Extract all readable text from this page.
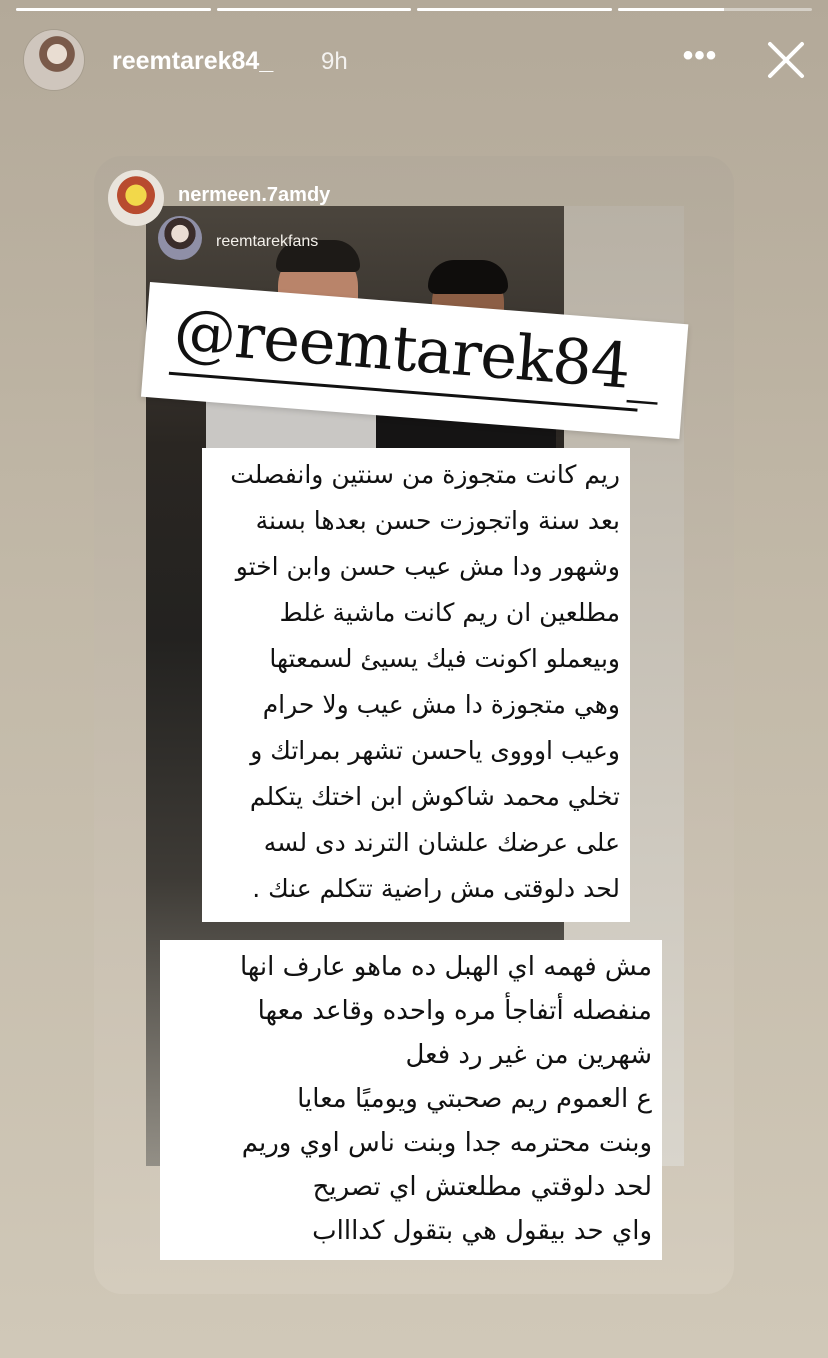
reemtarek84_ 9h	•••
nermeen.7amdy
reemtarekfans
@reemtarek84_
ريم كانت متجوزة من سنتين وانفصلت
بعد سنة واتجوزت حسن بعدها بسنة
وشهور ودا مش عيب حسن وابن اختو
مطلعين ان ريم كانت ماشية غلط
وبيعملو اكونت فيك يسيئ لسمعتها
وهي متجوزة دا مش عيب ولا حرام
وعيب اوووى ياحسن تشهر بمراتك و
تخلي محمد شاكوش ابن اختك يتكلم
على عرضك علشان الترند دى لسه
لحد دلوقتى مش راضية تتكلم عنك .
مش فهمه اي الهبل ده ماهو عارف انها
منفصله أتفاجأ مره واحده وقاعد معها
شهرين من غير رد فعل
ع العموم ريم صحبتي ويوميًا معايا
وبنت محترمه جدا وبنت ناس اوي وريم
لحد دلوقتي مطلعتش اي تصريح
واي حد بيقول هي بتقول كداااب
